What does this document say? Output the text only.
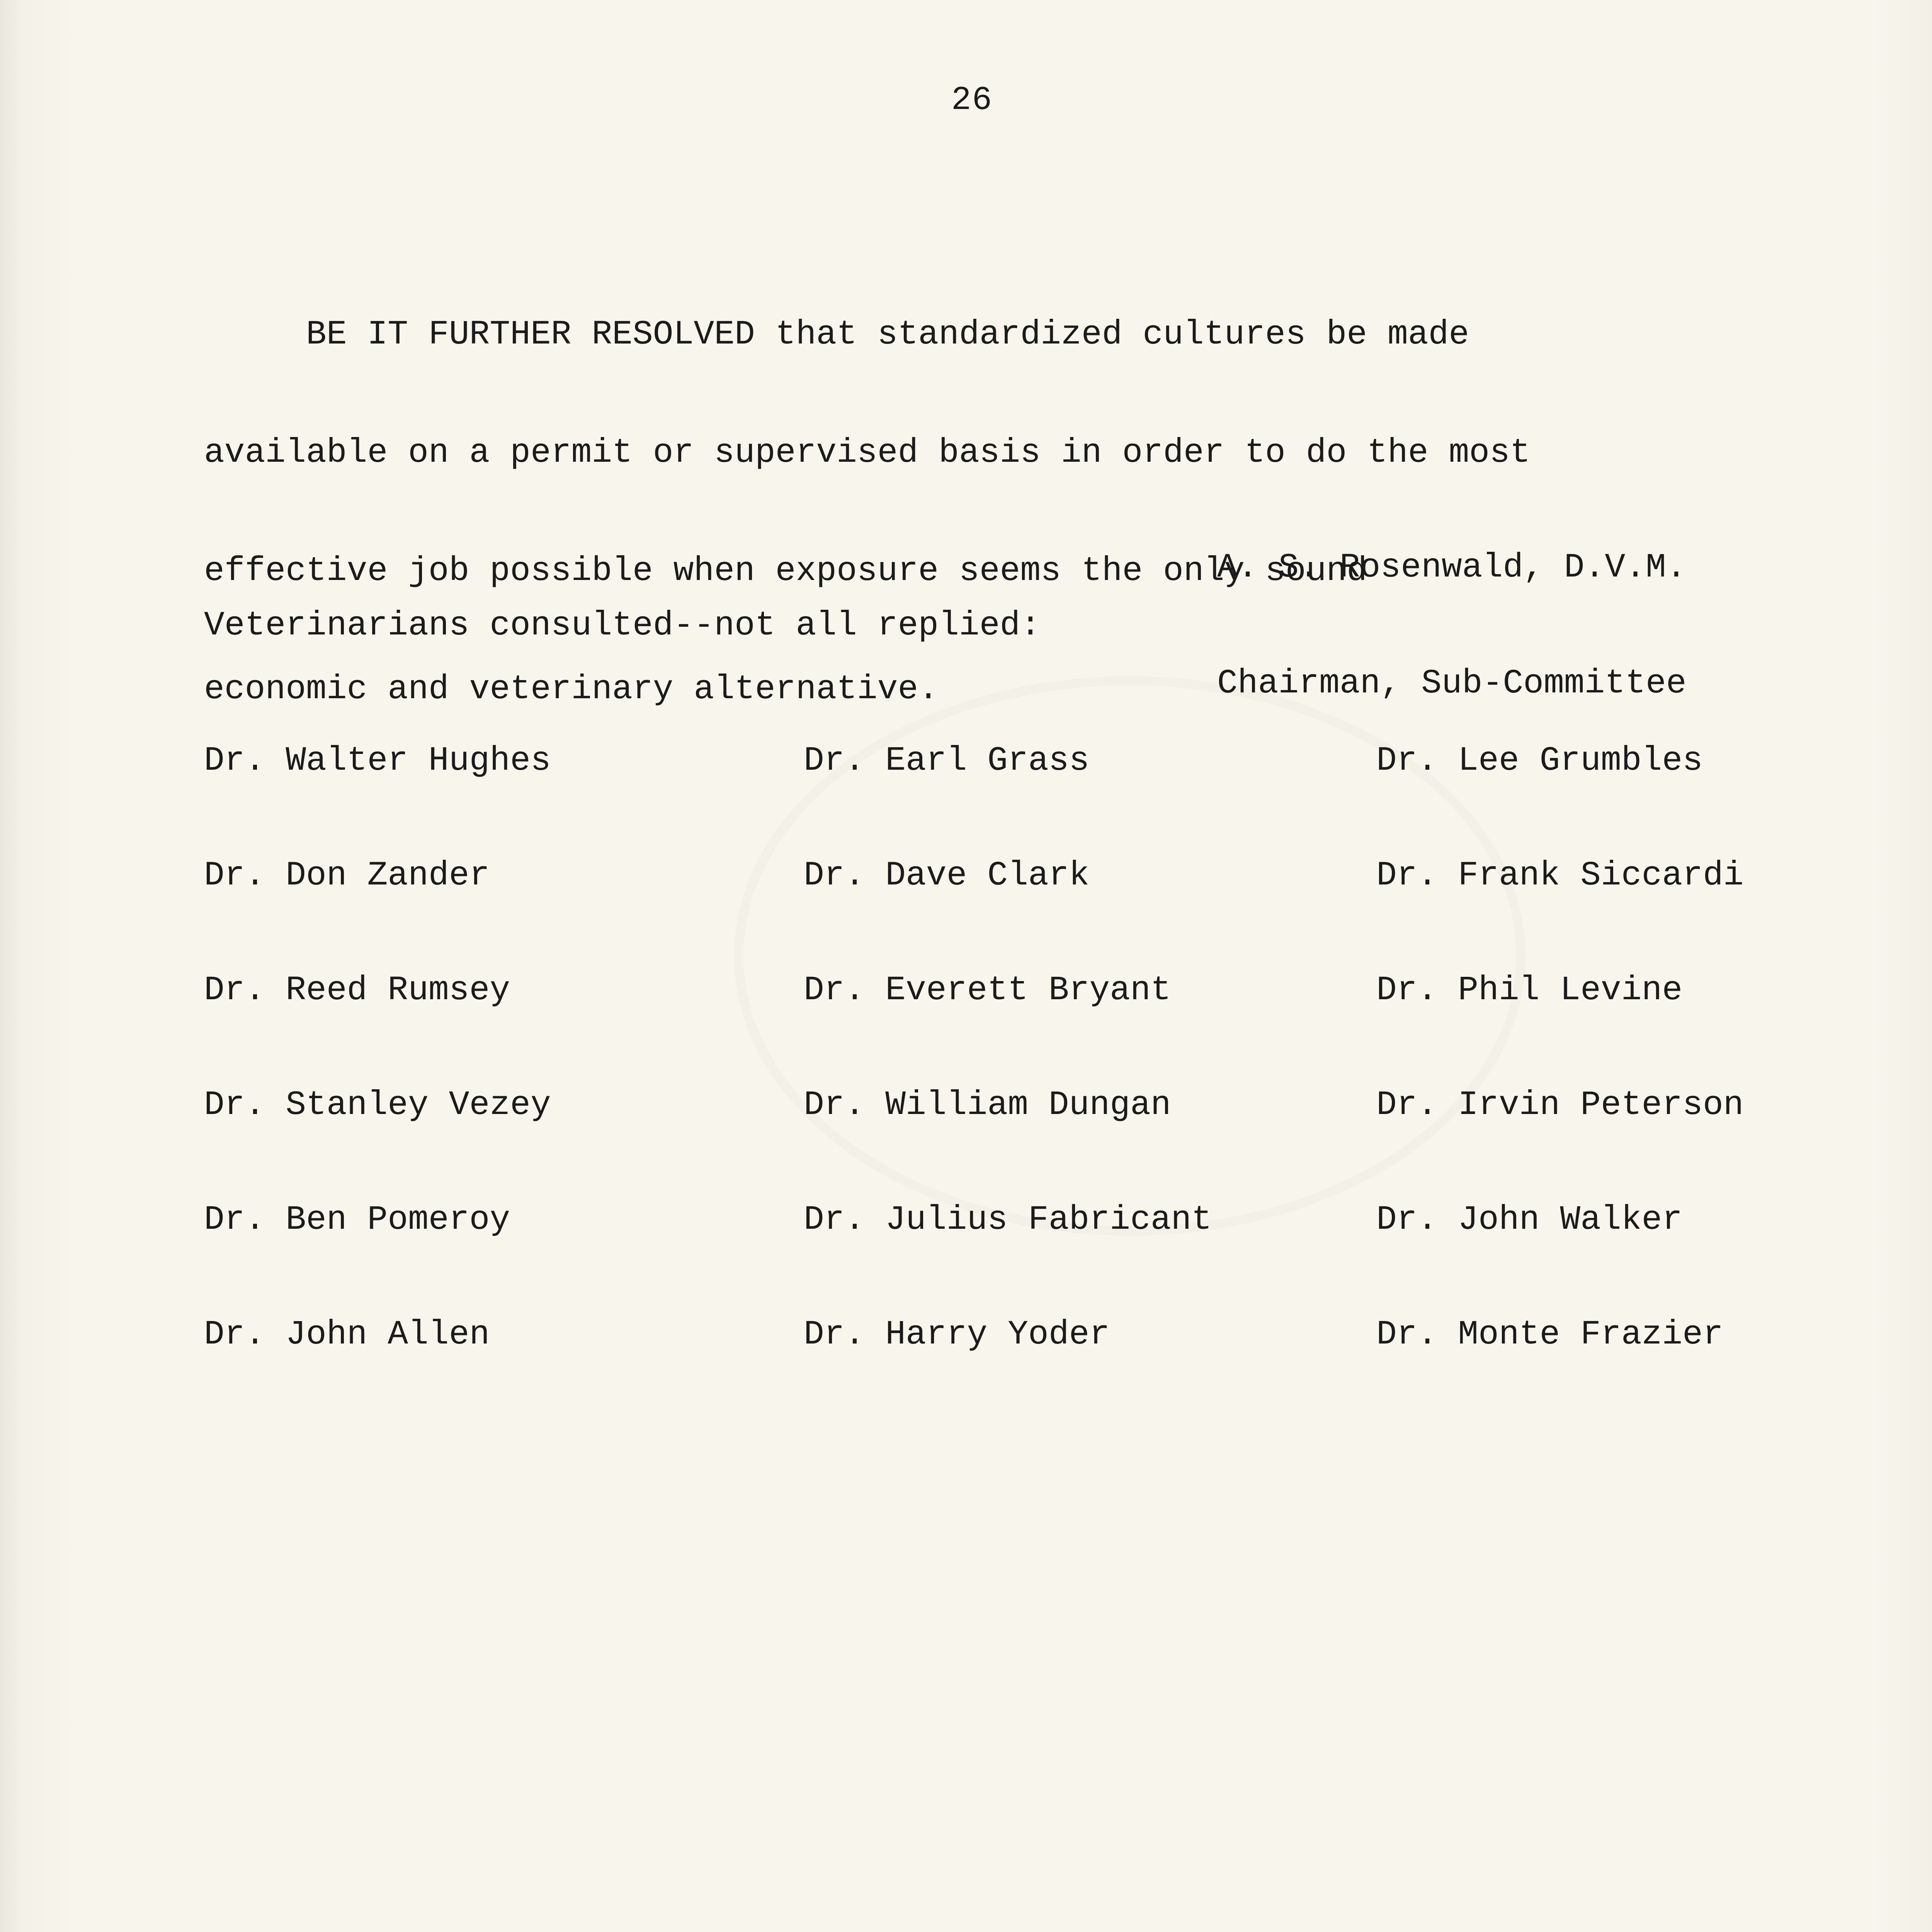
26

BE IT FURTHER RESOLVED that standardized cultures be made

available on a permit or supervised basis in order to do the most

effective job possible when exposure seems the only sound

economic and veterinary alternative.

A. S. Rosenwald, D.V.M.

Chairman, Sub-Committee

Veterinarians consulted--not all replied:

Dr. Walter Hughes

Dr. Don Zander

Dr. Reed Rumsey

Dr. Stanley Vezey

Dr. Ben Pomeroy

Dr. John Allen

Dr. Earl Grass

Dr. Dave Clark

Dr. Everett Bryant

Dr. William Dungan

Dr. Julius Fabricant

Dr. Harry Yoder

Dr. Lee Grumbles

Dr. Frank Siccardi

Dr. Phil Levine

Dr. Irvin Peterson

Dr. John Walker

Dr. Monte Frazier
